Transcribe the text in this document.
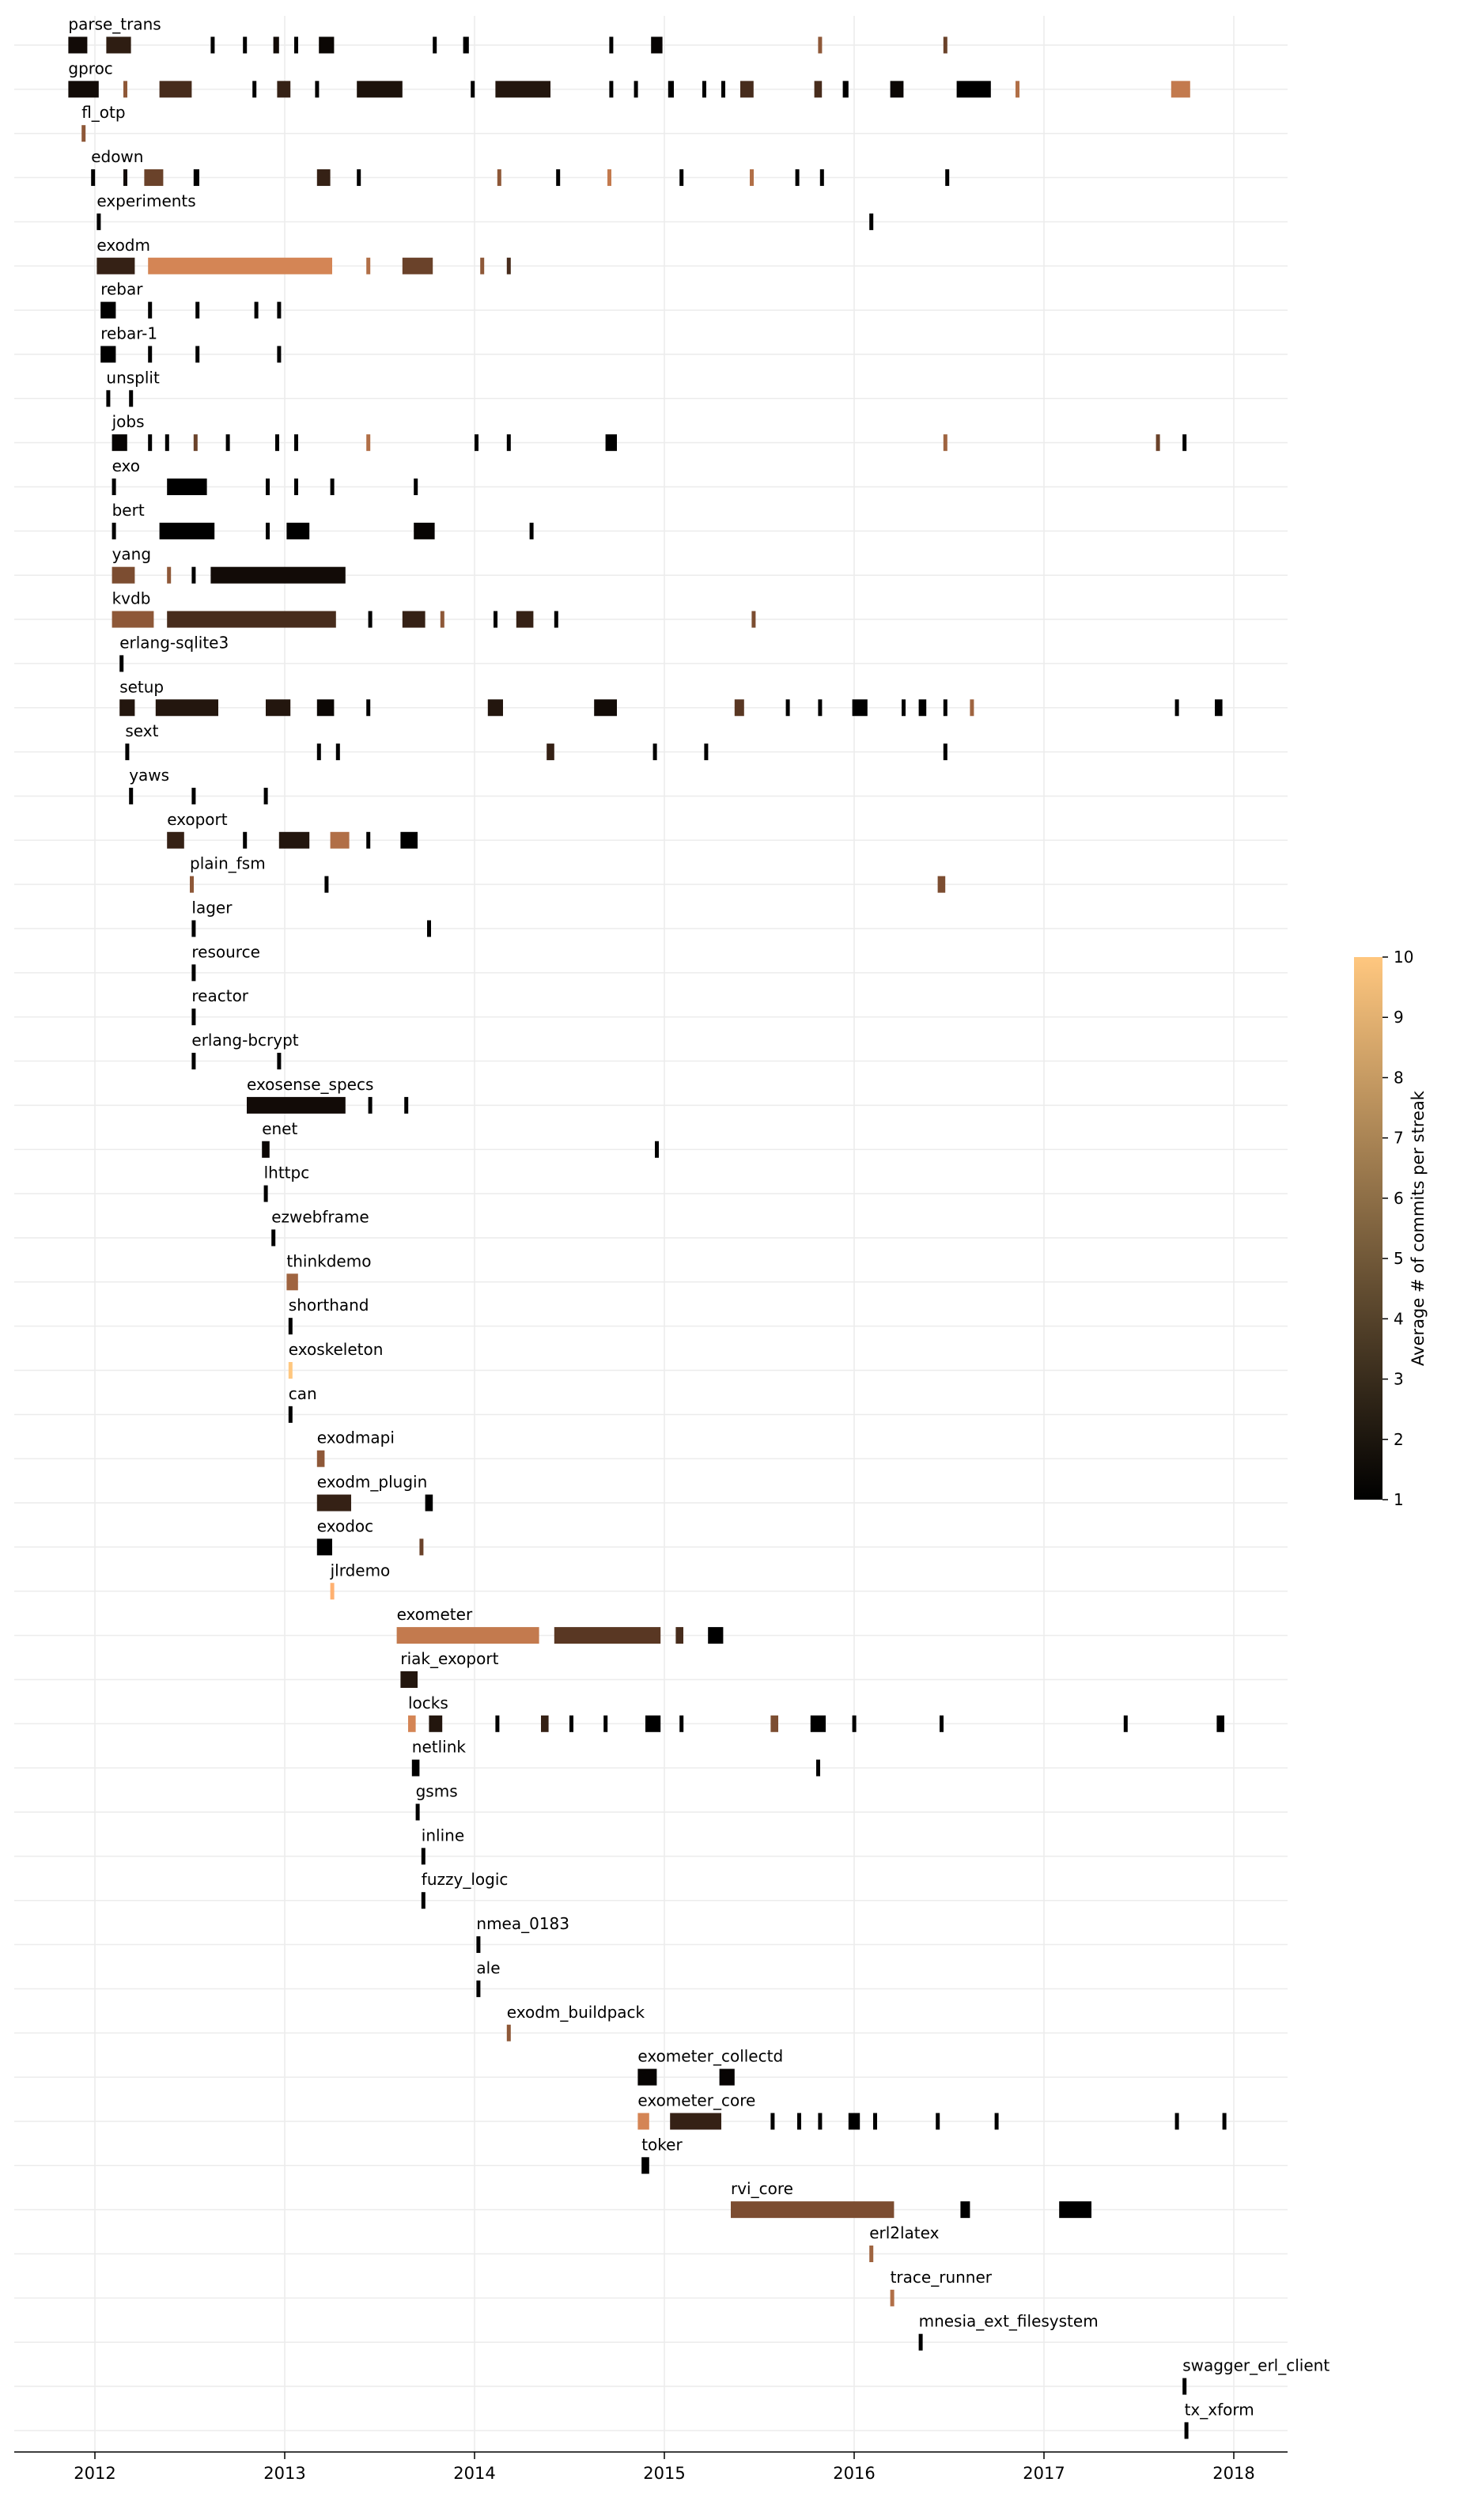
parse_trans
gproc
fl_otp
edown
experiments
exodm
rebar
rebar-1
unsplit
jobs
exo
bert
yang
kvdb
erlang-sqlite3
setup
sext
yaws
exoport
plain_fsm
lager
resource
reactor
erlang-bcrypt
exosense_specs
enet
lhttpc
ezwebframe
thinkdemo
shorthand
exoskeleton
can
exodmapi
exodm_plugin
exodoc
jlrdemo
exometer
riak_exoport
locks
netlink
gsms
inline
fuzzy_logic
nmea_0183
ale
exodm_buildpack
exometer_collectd
exometer_core
toker
rvi_core
erl2latex
trace_runner
mnesia_ext_filesystem
swagger_erl_client
tx_xform
2012	2013	2014	2015	2016	2017	2018
1
2
3
4
5
6
7
8
9
10
Average # of commits per streak
